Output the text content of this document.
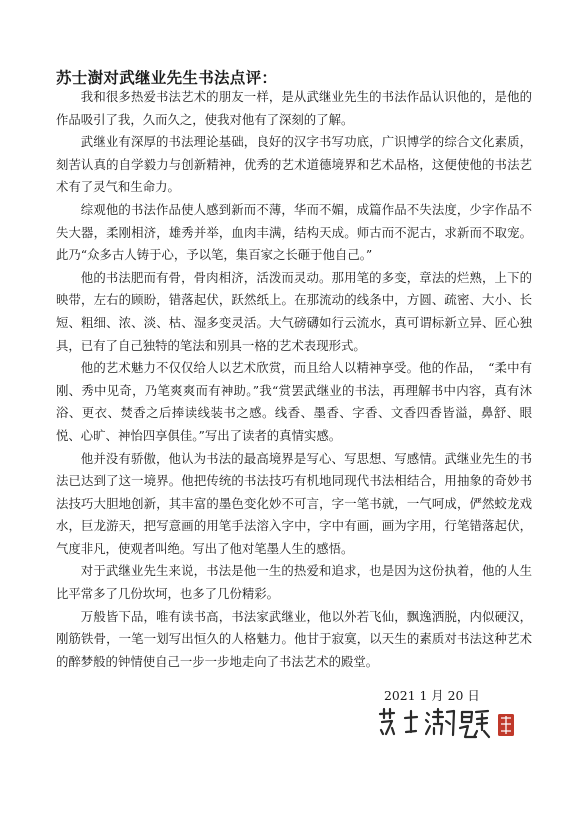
苏士澍对武继业先生书法点评：

我和很多热爱书法艺术的朋友一样，是从武继业先生的书法作品认识他的，是他的作品吸引了我，久而久之，使我对他有了深刻的了解。

武继业有深厚的书法理论基础，良好的汉字书写功底，广识博学的综合文化素质，刻苦认真的自学毅力与创新精神，优秀的艺术道德境界和艺术品格，这便使他的书法艺术有了灵气和生命力。

综观他的书法作品使人感到新而不薄，华而不媚，成篇作品不失法度，少字作品不失大器，柔刚相济，雄秀并举，血肉丰满，结构天成。师古而不泥古，求新而不取宠。此乃“众多古人铸于心，予以笔，集百家之长砸于他自己。”

他的书法肥而有骨，骨肉相济，活泼而灵动。那用笔的多变，章法的烂熟，上下的映带，左右的顾盼，错落起伏，跃然纸上。在那流动的线条中，方圆、疏密、大小、长短、粗细、浓、淡、枯、湿多变灵活。大气磅礴如行云流水，真可谓标新立异、匠心独具，已有了自己独特的笔法和别具一格的艺术表现形式。

他的艺术魅力不仅仅给人以艺术欣赏，而且给人以精神享受。他的作品，　“柔中有刚、秀中见奇，乃笔爽爽而有神助。”我“赏罢武继业的书法，再理解书中内容，真有沐浴、更衣、焚香之后捧读线装书之感。线香、墨香、字香、文香四香皆溢，鼻舒、眼悦、心旷、神怡四享俱佳。”写出了读者的真情实感。

他并没有骄傲，他认为书法的最高境界是写心、写思想、写感情。武继业先生的书法已达到了这一境界。他把传统的书法技巧有机地同现代书法相结合，用抽象的奇妙书法技巧大胆地创新，其丰富的墨色变化妙不可言，字一笔书就，一气呵成，俨然蛟龙戏水，巨龙游天，把写意画的用笔手法溶入字中，字中有画，画为字用，行笔错落起伏，气度非凡，使观者叫绝。写出了他对笔墨人生的感悟。

对于武继业先生来说，书法是他一生的热爱和追求，也是因为这份执着，他的人生比平常多了几份坎坷，也多了几份精彩。

万般皆下品，唯有读书高，书法家武继业，他以外若飞仙，飘逸洒脱，内似硬汉，刚筋铁骨，一笔一划写出恒久的人格魅力。他甘于寂寞，以天生的素质对书法这种艺术的醉梦般的钟情使自己一步一步地走向了书法艺术的殿堂。

2021 1 月 20 日
